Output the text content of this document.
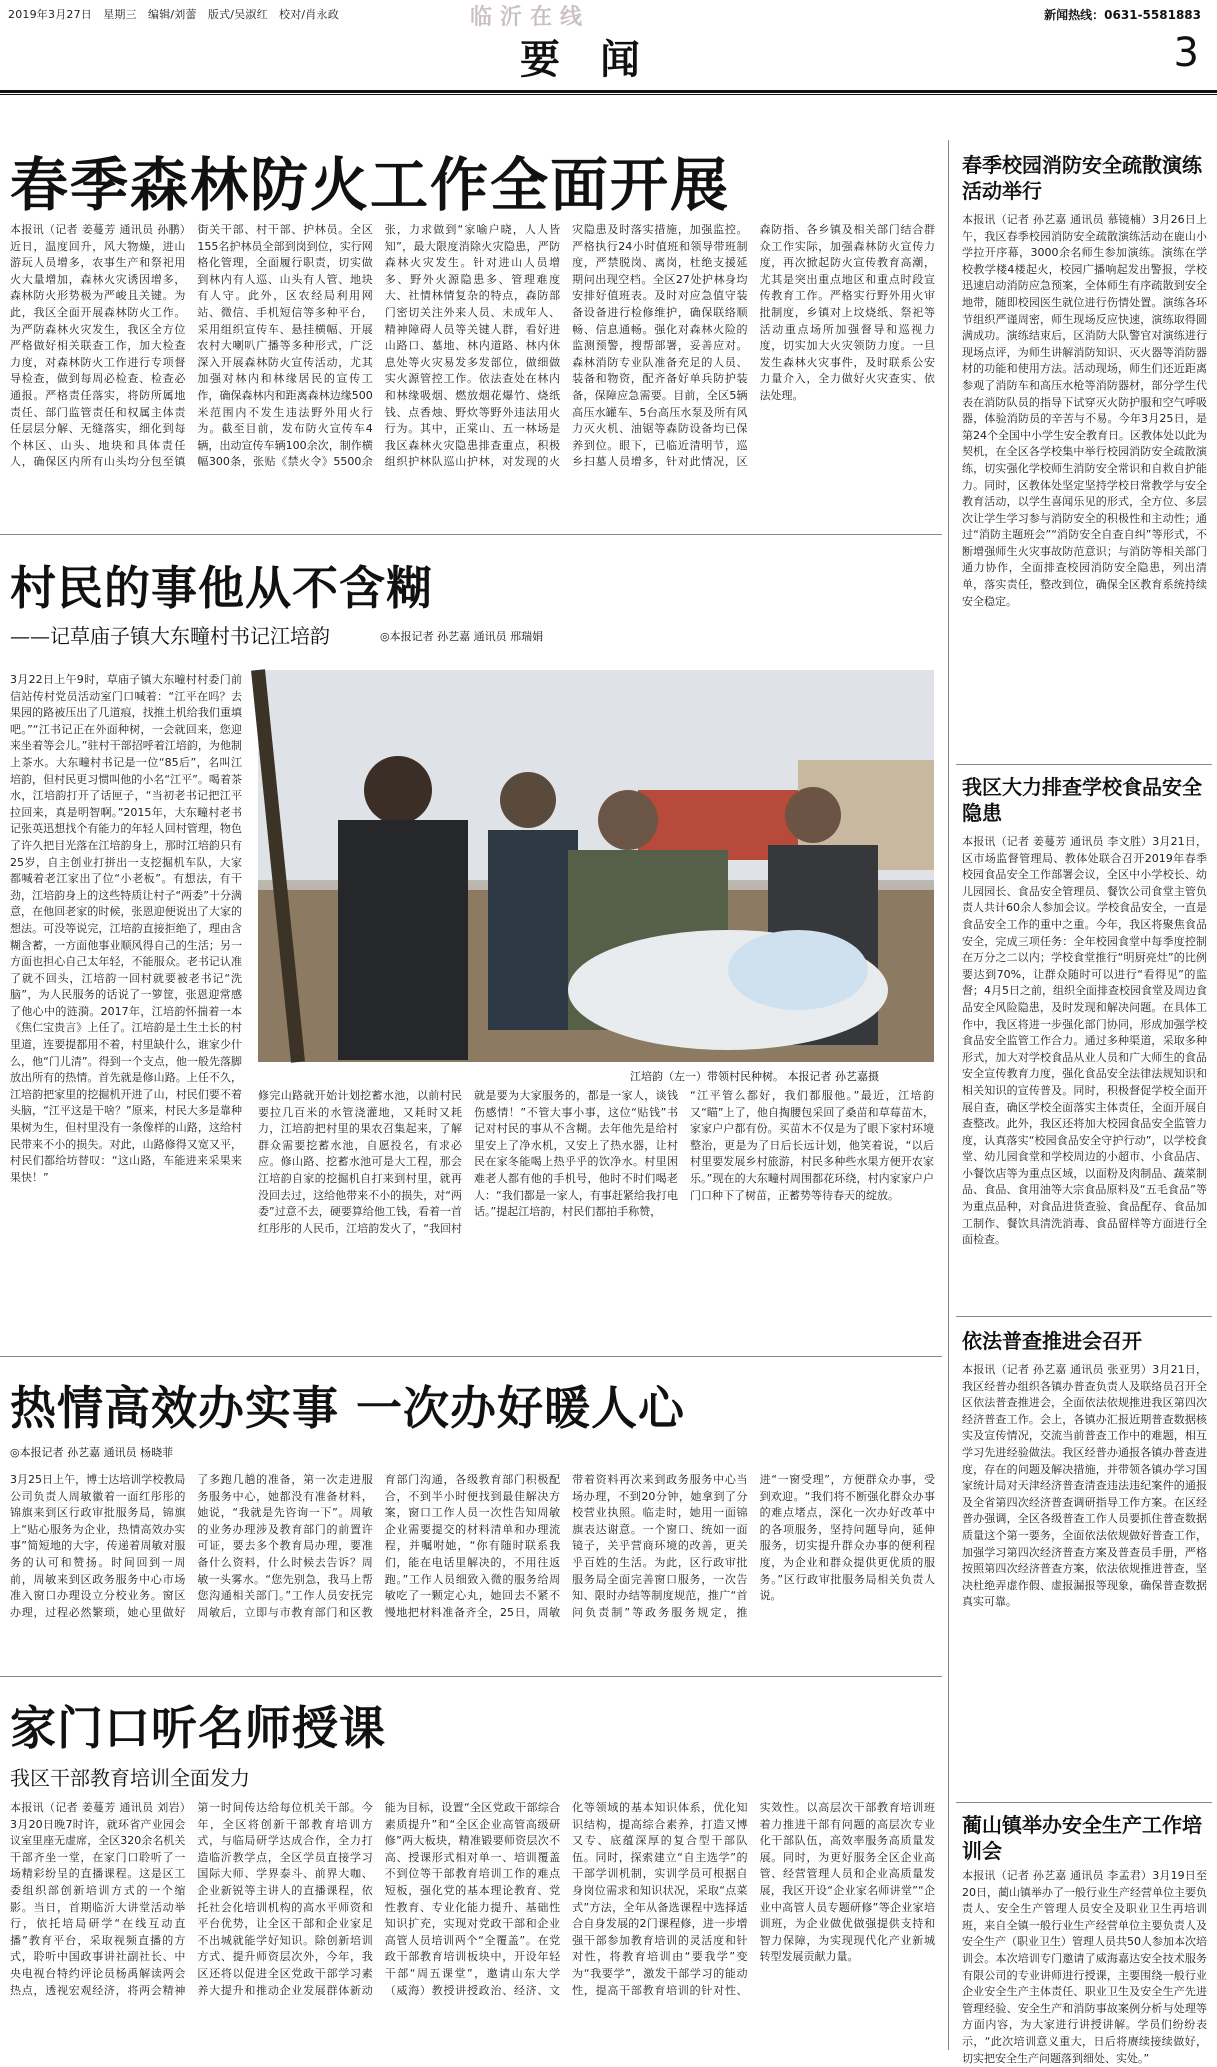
2019年3月27日　星期三　编辑/刘蕾　版式/吴淑红　校对/肖永政	临沂在线	新闻热线：0631-5581883
要闻	3
春季森林防火工作全面开展
本报讯（记者 姜蔓芳 通讯员 孙鹏）近日，温度回升，风大物燥，进山游玩人员增多，农事生产和祭祀用火大量增加，森林火灾诱因增多，森林防火形势极为严峻且关键。为此，我区全面开展森林防火工作。为严防森林火灾发生，我区全方位严格做好相关联查工作，加大检查力度，对森林防火工作进行专项督导检查，做到每周必检查、检查必通报。严格责任落实，将防所属地责任、部门监管责任和权属主体责任层层分解、无缝落实，细化到每个林区、山头、地块和具体责任人，确保区内所有山头均分包至镇街关干部、村干部、护林员。全区155名护林员全部到岗到位，实行网格化管理，全面履行职责，切实做到林内有人巡、山头有人管、地块有人守。此外，区农经局利用网站、微信、手机短信等多种平台，采用组织宣传车、悬挂横幅、开展农村大喇叭广播等多种形式，广泛深入开展森林防火宣传活动，尤其加强对林内和林缘居民的宣传工作，确保森林内和距离森林边缘500米范围内不发生违法野外用火行为。截至目前，发布防火宣传车4辆，出动宣传车辆100余次，制作横幅300条，张贴《禁火令》5500余张，力求做到“家喻户晓，人人皆知”，最大限度消除火灾隐患，严防森林火灾发生。针对进山人员增多、野外火源隐患多、管理难度大、社情林情复杂的特点，森防部门密切关注外来人员、未成年人、精神障碍人员等关键人群，看好进山路口、墓地、林内道路、林内休息处等火灾易发多发部位，做细做实火源管控工作。依法查处在林内和林缘吸烟、燃放烟花爆竹、烧纸钱、点香烛、野炊等野外违法用火行为。其中，正棠山、五一林场是我区森林火灾隐患排查重点，积极组织护林队巡山护林，对发现的火灾隐患及时落实措施，加强监控。严格执行24小时值班和领导带班制度，严禁脱岗、离岗，杜绝支援延期问出现空档。全区27处护林身均安排好值班表。及时对应急值守装备设备进行检修维护，确保联络顺畅、信息通畅。强化对森林火险的监测预警，搜帮部署，妥善应对。森林消防专业队准备充足的人员、装备和物资，配齐备好单兵防护装备，保障应急需要。目前，全区5辆高压水罐车、5台高压水泵及所有风力灭火机、油锯等森防设备均已保养到位。眼下，已临近清明节，巡乡扫墓人员增多，针对此情况，区森防指、各乡镇及相关部门结合群众工作实际，加强森林防火宣传力度，再次掀起防火宣传教育高潮，尤其是突出重点地区和重点时段宣传教育工作。严格实行野外用火审批制度，乡镇对上坟烧纸、祭祀等活动重点场所加强督导和巡视力度，切实加大火灾领防力度。一旦发生森林火灾事件，及时联系公安力量介入，全力做好火灾查实、依法处理。
村民的事他从不含糊
——记草庙子镇大东疃村书记江培韵	◎本报记者 孙艺嘉 通讯员 邢瑞娟
3月22日上午9时，草庙子镇大东疃村村委门前信站传村党员活动室门口喊着：“江平在吗？去果园的路被压出了几道痕，找推土机给我们重填吧。”“江书记正在外面种树，一会就回来，您迎来坐着等会儿。”驻村干部招呼着江培韵，为他制上茶水。大东疃村书记是一位“85后”，名叫江培韵，但村民更习惯叫他的小名“江平”。喝着茶水，江培韵打开了话匣子，“当初老书记把江平拉回来，真是明智啊。”2015年，大东疃村老书记张英迅想找个有能力的年轻人回村管理，物色了许久把目光落在江培韵身上，那时江培韵只有25岁，自主创业打拼出一支挖掘机车队，大家都喊着老江家出了位“小老板”。有想法，有干劲，江培韵身上的这些特质让村子“两委”十分满意，在他回老家的时候，张恩迎便说出了大家的想法。可没等说完，江培韵直接拒绝了，理由含糊含蓄，一方面他事业顺风得自己的生活；另一方面也担心自己太年轻，不能服众。老书记认准了就不回头，江培韵一回村就要被老书记“洗脑”，为人民服务的话说了一箩筐，张恩迎常感了他心中的涟漪。2017年，江培韵怀揣着一本《焦仁宝贵言》上任了。江培韵是土生土长的村里道，连要提都用不着，村里缺什么，谁家少什么，他“门儿清”。得到一个支点，他一般先落脚放出所有的热情。首先就是修山路。上任不久，江培韵把家里的挖掘机开进了山，村民们要不着头脑，“江平这是干啥？”原来，村民大多是靠种果树为生，但村里没有一条像样的山路，这给村民带来不小的损失。对此，山路修得又宽又平，村民们都给坊替叹：“这山路，车能进来采果来果快！”
江培韵（左一）带领村民种树。 本报记者 孙艺嘉摄
修完山路就开始计划挖蓄水池，以前村民要拉几百米的水管浇灌地，又耗时又耗力，江培韵把村里的果农召集起来，了解群众需要挖蓄水池，自愿投名，有求必应。修山路、挖蓄水池可是大工程，那会江培韵自家的挖掘机自打来到村里，就再没回去过，这给他带来不小的损失，对“两委”过意不去，硬要算给他工钱，看着一首红彤彤的人民币，江培韵发火了，“我回村就是要为大家服务的，都是一家人，谈钱伤感情！”不管大事小事，这位“贴钱”书记对村民的事从不含糊。去年他先是给村里安上了净水机，又安上了热水器，让村民在家冬能喝上热乎乎的饮净水。村里困难老人都有他的手机号，他时不时们喝老人：“我们都是一家人，有事赶紧给我打电话。”提起江培韵，村民们都拍手称赞，
“江平管么都好，我们都服他。”最近，江培韵又“瞄”上了，他自掏腰包采回了桑苗和草莓苗木，家家户户都有份。买苗木不仅是为了眼下家村环境整治，更是为了日后长远计划，他笑着说，“以后村里要发展乡村旅游，村民多种些水果方便开农家乐。”现在的大东疃村周围都花环绕，村内家家户户门口种下了树苗，正蓄势等待春天的绽放。
热情高效办实事 一次办好暖人心
◎本报记者 孙艺嘉 通讯员 杨晓菲
3月25日上午，博士达培训学校教局公司负责人周敏徽着一面红彤彤的锦旗来到区行政审批服务局，锦旗上“贴心服务为企业，热情高效办实事”简短地的大字，传递着周敏对服务的认可和赞扬。时间回到一周前，周敏来到区政务服务中心市场准入窗口办理设立分校业务。窗区办理，过程必然繁琐，她心里做好了多跑几趟的准备，第一次走进服务服务中心，她都没有准备材料，她说，“我就是先咨询一下”。周敏的业务办理涉及教育部门的前置许可证，要去多个教育局办理，要准备什么资料，什么时候去告诉？周敏一头雾水。“您先别急，我马上帮您沟通相关部门。”工作人员安抚完周敏后，立即与市教育部门和区教育部门沟通，各级教育部门积极配合，不到半小时便找到最佳解决方案，窗口工作人员一次性告知周敏企业需要提交的材料清单和办理流程，并嘱咐她，“你有随时联系我们，能在电话里解决的，不用往返跑。”工作人员细致入微的服务给周敏吃了一颗定心丸，她回去不紧不慢地把材料准备齐全，25日，周敏带着资料再次来到政务服务中心当场办理，不到20分钟，她拿到了分校营业执照。临走时，她用一面锦旗表达谢意。一个窗口、统如一面镜子，关乎营商环境的改善，更关乎百姓的生活。为此，区行政审批服务局全面完善窗口服务，一次告知、限时办结等制度规范，推广“首问负责制”等政务服务规定，推进“一窗受理”，方便群众办事，受到欢迎。“我们将不断强化群众办事的难点堵点，深化一次办好改革中的各项服务，坚持问题导向，延伸服务，切实提升群众办事的便利程度，为企业和群众提供更优质的服务。”区行政审批服务局相关负责人说。
家门口听名师授课
我区干部教育培训全面发力
本报讯（记者 姜蔓芳 通讯员 刘岩）3月20日晚7时许，就环省产业园会议室里座无虚席，全区320余名机关干部齐坐一堂，在家门口聆听了一场精彩纷呈的直播课程。这是区工委组织部创新培训方式的一个缩影。当日，首期临沂大讲堂活动举行，依托培局研学“在线互动直播”教育平台，采取视频直播的方式，聆听中国政事讲社副社长、中央电视台特约评论员杨禹解读两会热点，透视宏观经济，将两会精神第一时间传达给每位机关干部。今年，全区将创新干部教育培训方式，与临局研学达成合作，全力打造临沂教学点，全区学员直接学习国际大师、学界泰斗、前界大咖、企业新锐等主讲人的直播课程，依托社会化培训机构的高水平师资和平台优势，让全区干部和企业家足不出城就能学好知识。除创新培训方式、提升师资层次外，今年，我区还将以促进全区党政干部学习素养大提升和推动企业发展群体新动能为目标，设置“全区党政干部综合素质提升”和“全区企业高管高级研修”两大板块，精准锻要师资层次不高、授课形式相对单一、培训覆盖不到位等干部教育培训工作的难点短板，强化党的基本理论教育、党性教育、专业化能力提升、基础性知识扩充，实现对党政干部和企业高管人员培训两个“全覆盖”。在党政干部教育培训板块中，开设年轻干部“周五课堂”，邀请山东大学（威海）教授讲授政治、经济、文化等领域的基本知识体系，优化知识结构，提高综合素养，打造又博又专、底蕴深厚的复合型干部队伍。同时，探索建立“自主选学”的干部学训机制，实训学员可根据自身岗位需求和知识状况，采取“点菜式”方法，全年从备选课程中选择适合自身发展的2门课程修，进一步增强干部参加教育培训的灵活度和针对性，将教育培训由“要我学”变为“我要学”，激发干部学习的能动性，提高干部教育培训的针对性、实效性。以高层次干部教育培训班着力推进干部有问题的高层次专业化干部队伍，高效率服务高质量发展。同时，为更好服务全区企业高管、经营管理人员和企业高质量发展，我区开设“企业家名师讲堂”“企业中高管人员专题研修”等企业家培训班，为企业做优做强提供支持和智力保障，为实现现代化产业新城转型发展贡献力量。
春季校园消防安全疏散演练活动举行
本报讯（记者 孙艺嘉 通讯员 慕镜楠）3月26日上午，我区春季校园消防安全疏散演练活动在鹿山小学拉开序幕，3000余名师生参加演练。演练在学校教学楼4楼起火，校园广播响起发出警报，学校迅速启动消防应急预案，全体师生有序疏散到安全地带，随即校园医生就位进行伤情处置。演练各环节组织严谨周密，师生现场反应快速，演练取得圆满成功。演练结束后，区消防大队警官对演练进行现场点评，为师生讲解消防知识、灭火器等消防器材的功能和使用方法。活动现场，师生们还近距离参观了消防车和高压水枪等消防器材，部分学生代表在消防队员的指导下试穿灭火防护服和空气呼吸器，体验消防员的辛苦与不易。今年3月25日，是第24个全国中小学生安全教育日。区教体处以此为契机，在全区各学校集中举行校园消防安全疏散演练，切实强化学校师生消防安全常识和自救自护能力。同时，区教体处坚定坚持学校日常教学与安全教育活动，以学生喜闻乐见的形式，全方位、多层次让学生学习参与消防安全的积极性和主动性；通过“消防主题班会”“消防安全自查自纠”等形式，不断增强师生火灾事故防范意识；与消防等相关部门通力协作，全面排查校园消防安全隐患，列出清单，落实责任，整改到位，确保全区教育系统持续安全稳定。
我区大力排查学校食品安全隐患
本报讯（记者 姜蔓芳 通讯员 李文胜）3月21日，区市场监督管理局、教体处联合召开2019年春季校园食品安全工作部署会议，全区中小学校长、幼儿园园长、食品安全管理员、餐饮公司食堂主管负责人共计60余人参加会议。学校食品安全，一直是食品安全工作的重中之重。今年，我区将聚焦食品安全，完成三项任务：全年校园食堂中每季度控制在万分之二以内；学校食堂推行“明厨亮灶”的比例要达到70%，让群众随时可以进行“看得见”的监督；4月5日之前，组织全面排查校园食堂及周边食品安全风险隐患，及时发现和解决问题。在具体工作中，我区将进一步强化部门协同，形成加强学校食品安全监管工作合力。通过多种渠道，采取多种形式，加大对学校食品从业人员和广大师生的食品安全宣传教育力度，强化食品安全法律法规知识和相关知识的宣传普及。同时，积极督促学校全面开展自查，确区学校全面落实主体责任，全面开展自查整改。此外，我区还将加大校园食品安全监管力度，认真落实“校园食品安全守护行动”，以学校食堂、幼儿园食堂和学校周边的小超市、小食品店、小餐饮店等为重点区域，以面粉及肉制品、蔬菜制品、食品、食用油等大宗食品原料及“五毛食品”等为重点品种，对食品进货查验、食品配存、食品加工制作、餐饮具清洗消毒、食品留样等方面进行全面检查。
依法普查推进会召开
本报讯（记者 孙艺嘉 通讯员 张亚男）3月21日，我区经普办组织各镇办普查负责人及联络员召开全区依法普查推进会，全面依法依规推进我区第四次经济普查工作。会上，各镇办汇报近期普查数据核实及宣传情况，交流当前普查工作中的难题，相互学习先进经验做法。我区经普办通报各镇办普查进度，存在的问题及解决措施，并带领各镇办学习国家统计局对天津经济普查清查违法违纪案件的通报及全省第四次经济普查调研指导工作方案。在区经普办强调，全区各级普查工作人员要抓住普查数据质量这个第一要务，全面依法依规做好普查工作，加强学习第四次经济普查方案及普查员手册，严格按照第四次经济普查方案，依法依规推进普查，坚决杜绝弄虚作假、虚报漏报等现象，确保普查数据真实可靠。
蔺山镇举办安全生产工作培训会
本报讯（记者 孙艺嘉 通讯员 李孟君）3月19日至20日，蔺山镇举办了一般行业生产经营单位主要负责人、安全生产管理人员安全及职业卫生再培训班，来自全镇一般行业生产经营单位主要负责人及安全生产（职业卫生）管理人员共50人参加本次培训会。本次培训专门邀请了威海嘉达安全技术服务有限公司的专业讲师进行授课，主要围绕一般行业企业安全生产主体责任、职业卫生及安全生产先进管理经验、安全生产和消防事故案例分析与处理等方面内容，为大家进行讲授讲解。学员们纷纷表示，“此次培训意义重大，日后将赓续接续做好，切实把安全生产问题落到细处、实处。”
